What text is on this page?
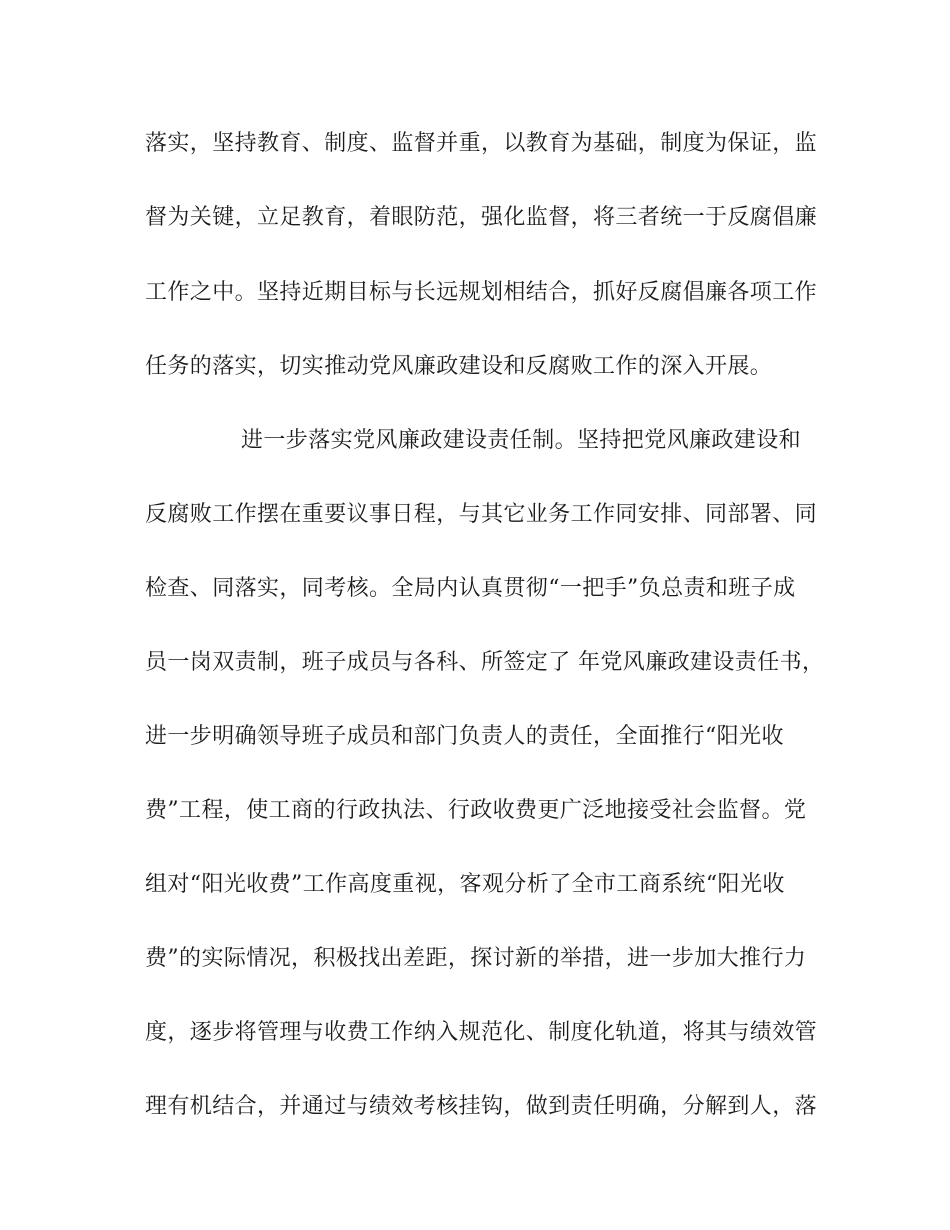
落实，坚持教育、制度、监督并重，以教育为基础，制度为保证，监
督为关键，立足教育，着眼防范，强化监督，将三者统一于反腐倡廉
工作之中。坚持近期目标与长远规划相结合，抓好反腐倡廉各项工作
任务的落实，切实推动党风廉政建设和反腐败工作的深入开展。
进一步落实党风廉政建设责任制。坚持把党风廉政建设和
反腐败工作摆在重要议事日程，与其它业务工作同安排、同部署、同
检查、同落实，同考核。全局内认真贯彻“一把手”负总责和班子成
员一岗双责制，班子成员与各科、所签定了 年党风廉政建设责任书，
进一步明确领导班子成员和部门负责人的责任，全面推行“阳光收
费”工程，使工商的行政执法、行政收费更广泛地接受社会监督。党
组对“阳光收费”工作高度重视，客观分析了全市工商系统“阳光收
费”的实际情况，积极找出差距，探讨新的举措，进一步加大推行力
度，逐步将管理与收费工作纳入规范化、制度化轨道，将其与绩效管
理有机结合，并通过与绩效考核挂钩，做到责任明确，分解到人，落
